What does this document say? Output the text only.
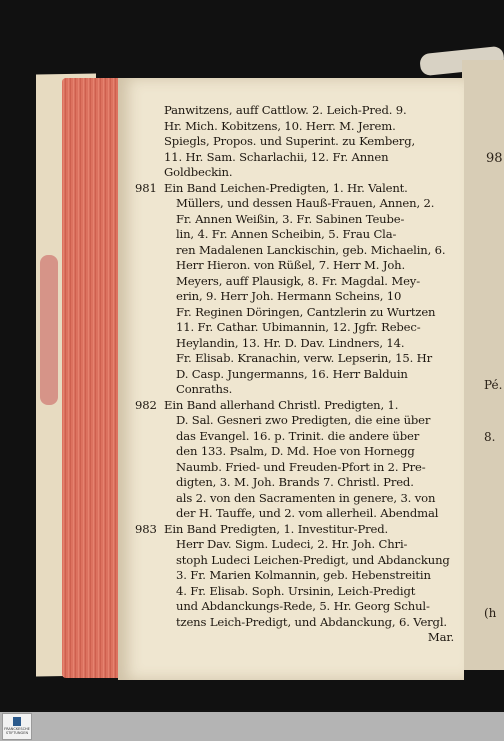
98
Pé.
8.
(h
Panwitzens, auff Cattlow. 2. Leich-Pred. 9.
Hr. Mich. Kobitzens, 10. Herr. M. Jerem.
Spiegls, Propos. und Superint. zu Kemberg,
11. Hr. Sam. Scharlachii, 12. Fr. Annen
Goldbeckin.
981 Ein Band Leichen-Predigten, 1. Hr. Valent.
Müllers, und dessen Hauß-Frauen, Annen, 2.
Fr. Annen Weißin, 3. Fr. Sabinen Teube-
lin, 4. Fr. Annen Scheibin, 5. Frau Cla-
ren Madalenen Lanckischin, geb. Michaelin, 6.
Herr Hieron. von Rüßel, 7. Herr M. Joh.
Meyers, auff Plausigk, 8. Fr. Magdal. Mey-
erin, 9. Herr Joh. Hermann Scheins, 10
Fr. Reginen Döringen, Cantzlerin zu Wurtzen
11. Fr. Cathar. Ubimannin, 12. Jgfr. Rebec-
Heylandin, 13. Hr. D. Dav. Lindners, 14.
Fr. Elisab. Kranachin, verw. Lepserin, 15. Hr
D. Casp. Jungermanns, 16. Herr Balduin
Conraths.
982 Ein Band allerhand Christl. Predigten, 1.
D. Sal. Gesneri zwo Predigten, die eine über
das Evangel. 16. p. Trinit. die andere über
den 133. Psalm, D. Md. Hoe von Hornegg
Naumb. Fried- und Freuden-Pfort in 2. Pre-
digten, 3. M. Joh. Brands 7. Christl. Pred.
als 2. von den Sacramenten in genere, 3. von
der H. Tauffe, und 2. vom allerheil. Abendmal
983 Ein Band Predigten, 1. Investitur-Pred.
Herr Dav. Sigm. Ludeci, 2. Hr. Joh. Chri-
stoph Ludeci Leichen-Predigt, und Abdanckung
3. Fr. Marien Kolmannin, geb. Hebenstreitin
4. Fr. Elisab. Soph. Ursinin, Leich-Predigt
und Abdanckungs-Rede, 5. Hr. Georg Schul-
tzens Leich-Predigt, und Abdanckung, 6. Vergl.
Mar.
FRANCKESCHE STIFTUNGEN
